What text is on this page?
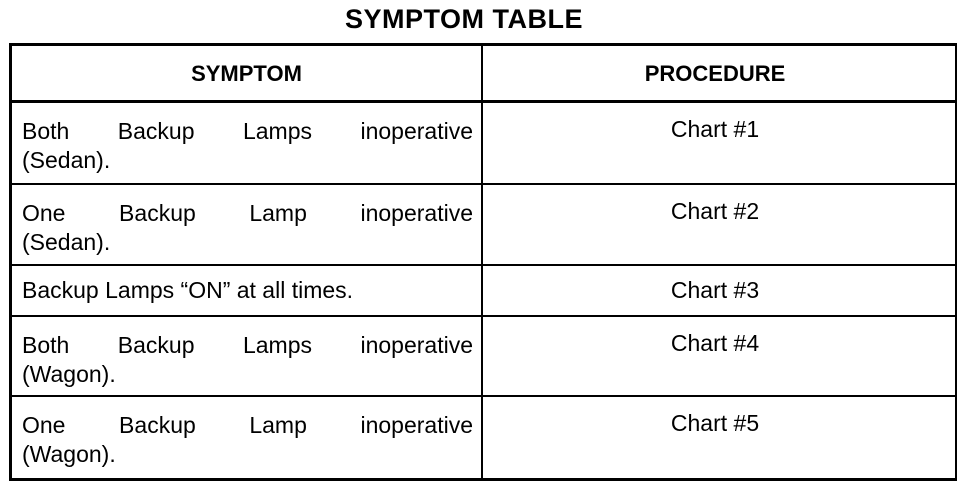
SYMPTOM TABLE
SYMPTOM	PROCEDURE
Both Backup Lamps inoperative
(Sedan).
Chart #1
One Backup Lamp inoperative
(Sedan).
Chart #2
Backup Lamps “ON” at all times.	Chart #3
Both Backup Lamps inoperative
(Wagon).
Chart #4
One Backup Lamp inoperative
(Wagon).
Chart #5
